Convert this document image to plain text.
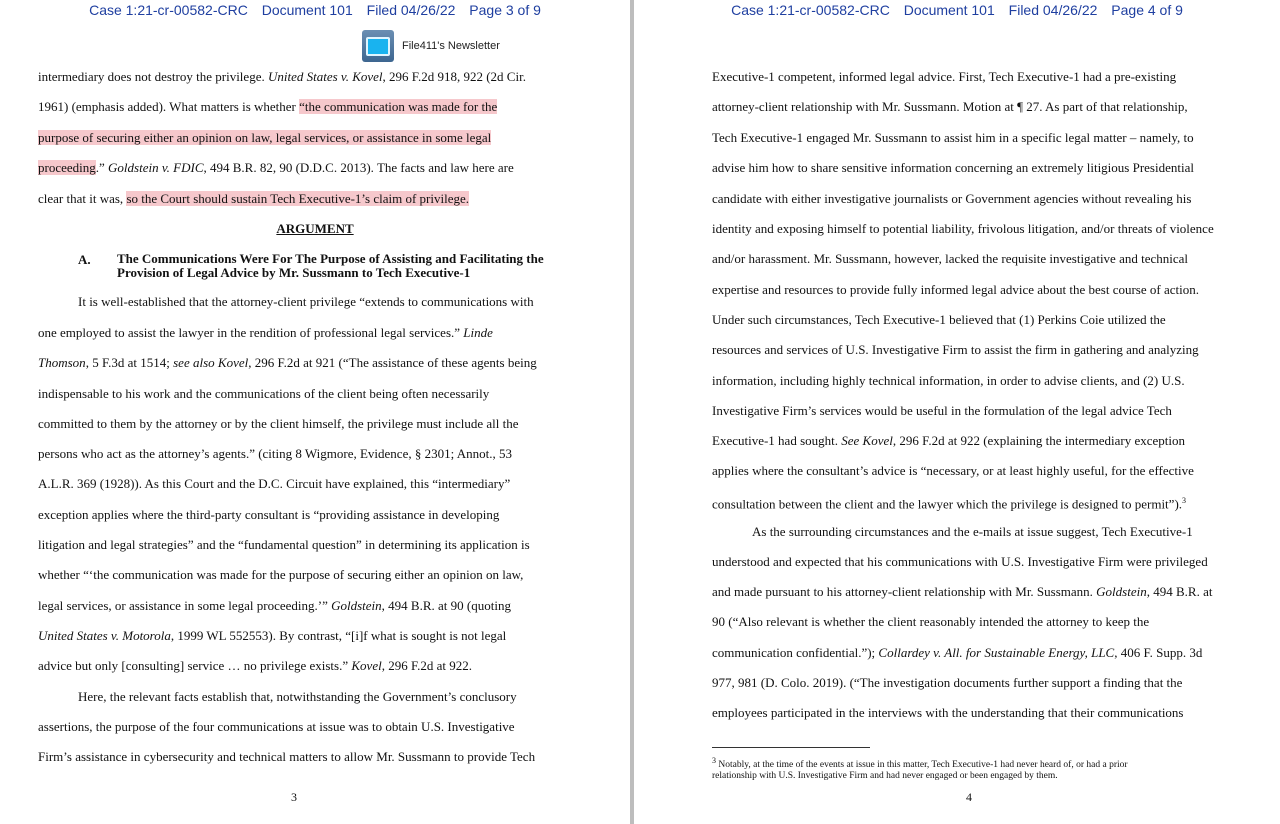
Case 1:21-cr-00582-CRC Document 101 Filed 04/26/22 Page 3 of 9
File411's Newsletter
intermediary does not destroy the privilege. United States v. Kovel, 296 F.2d 918, 922 (2d Cir.
1961) (emphasis added). What matters is whether “the communication was made for the
purpose of securing either an opinion on law, legal services, or assistance in some legal
proceeding.” Goldstein v. FDIC, 494 B.R. 82, 90 (D.D.C. 2013). The facts and law here are
clear that it was, so the Court should sustain Tech Executive-1’s claim of privilege.
ARGUMENT
A. The Communications Were For The Purpose of Assisting and Facilitating the
Provision of Legal Advice by Mr. Sussmann to Tech Executive-1
It is well-established that the attorney-client privilege “extends to communications with
one employed to assist the lawyer in the rendition of professional legal services.” Linde
Thomson, 5 F.3d at 1514; see also Kovel, 296 F.2d at 921 (“The assistance of these agents being
indispensable to his work and the communications of the client being often necessarily
committed to them by the attorney or by the client himself, the privilege must include all the
persons who act as the attorney’s agents.” (citing 8 Wigmore, Evidence, § 2301; Annot., 53
A.L.R. 369 (1928)). As this Court and the D.C. Circuit have explained, this “intermediary”
exception applies where the third-party consultant is “providing assistance in developing
litigation and legal strategies” and the “fundamental question” in determining its application is
whether “‘the communication was made for the purpose of securing either an opinion on law,
legal services, or assistance in some legal proceeding.’” Goldstein, 494 B.R. at 90 (quoting
United States v. Motorola, 1999 WL 552553). By contrast, “[i]f what is sought is not legal
advice but only [consulting] service … no privilege exists.” Kovel, 296 F.2d at 922.
Here, the relevant facts establish that, notwithstanding the Government’s conclusory
assertions, the purpose of the four communications at issue was to obtain U.S. Investigative
Firm’s assistance in cybersecurity and technical matters to allow Mr. Sussmann to provide Tech
3
Case 1:21-cr-00582-CRC Document 101 Filed 04/26/22 Page 4 of 9
Executive-1 competent, informed legal advice. First, Tech Executive-1 had a pre-existing
attorney-client relationship with Mr. Sussmann. Motion at ¶ 27. As part of that relationship,
Tech Executive-1 engaged Mr. Sussmann to assist him in a specific legal matter – namely, to
advise him how to share sensitive information concerning an extremely litigious Presidential
candidate with either investigative journalists or Government agencies without revealing his
identity and exposing himself to potential liability, frivolous litigation, and/or threats of violence
and/or harassment. Mr. Sussmann, however, lacked the requisite investigative and technical
expertise and resources to provide fully informed legal advice about the best course of action.
Under such circumstances, Tech Executive-1 believed that (1) Perkins Coie utilized the
resources and services of U.S. Investigative Firm to assist the firm in gathering and analyzing
information, including highly technical information, in order to advise clients, and (2) U.S.
Investigative Firm’s services would be useful in the formulation of the legal advice Tech
Executive-1 had sought. See Kovel, 296 F.2d at 922 (explaining the intermediary exception
applies where the consultant’s advice is “necessary, or at least highly useful, for the effective
consultation between the client and the lawyer which the privilege is designed to permit”).$^3$
As the surrounding circumstances and the e-mails at issue suggest, Tech Executive-1
understood and expected that his communications with U.S. Investigative Firm were privileged
and made pursuant to his attorney-client relationship with Mr. Sussmann. Goldstein, 494 B.R. at
90 (“Also relevant is whether the client reasonably intended the attorney to keep the
communication confidential.”); Collardey v. All. for Sustainable Energy, LLC, 406 F. Supp. 3d
977, 981 (D. Colo. 2019). (“The investigation documents further support a finding that the
employees participated in the interviews with the understanding that their communications
$^3$ Notably, at the time of the events at issue in this matter, Tech Executive-1 had never heard of, or had a prior
relationship with U.S. Investigative Firm and had never engaged or been engaged by them.
4
